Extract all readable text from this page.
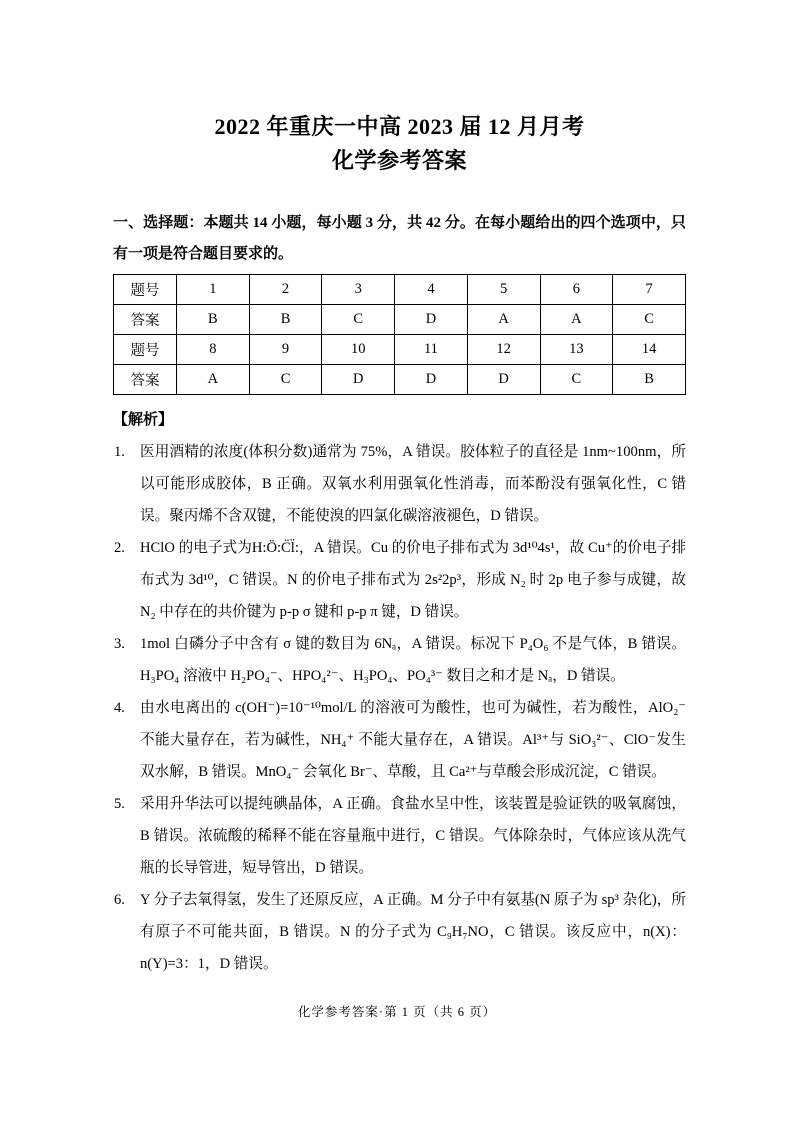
2022 年重庆一中高 2023 届 12 月月考
化学参考答案

一、选择题：本题共 14 小题，每小题 3 分，共 42 分。在每小题给出的四个选项中，只有一项是符合题目要求的。

题号	1	2	3	4	5	6	7
答案	B	B	C	D	A	A	C
题号	8	9	10	11	12	13	14
答案	A	C	D	D	D	C	B
【解析】
1. 医用酒精的浓度(体积分数)通常为 75%，A 错误。胶体粒子的直径是 1nm~100nm，所以可能形成胶体，B 正确。双氧水利用强氧化性消毒，而苯酚没有强氧化性，C 错误。聚丙烯不含双键，不能使溴的四氯化碳溶液褪色，D 错误。
2. HClO 的电子式为H:Ö:C̈l̈:，A 错误。Cu 的价电子排布式为 3d¹⁰4s¹，故 Cu⁺的价电子排布式为 3d¹⁰，C 错误。N 的价电子排布式为 2s²2p³，形成 N₂ 时 2p 电子参与成键，故 N₂ 中存在的共价键为 p-p σ 键和 p-p π 键，D 错误。
3. 1mol 白磷分子中含有 σ 键的数目为 6Nₐ，A 错误。标况下 P₄O₆ 不是气体，B 错误。H₃PO₄ 溶液中 H₂PO₄⁻、HPO₄²⁻、H₃PO₄、PO₄³⁻ 数目之和才是 Nₐ，D 错误。
4. 由水电离出的 c(OH⁻)=10⁻¹⁰mol/L 的溶液可为酸性，也可为碱性，若为酸性，AlO₂⁻ 不能大量存在，若为碱性，NH₄⁺ 不能大量存在，A 错误。Al³⁺与 SiO₃²⁻、ClO⁻发生双水解，B 错误。MnO₄⁻ 会氧化 Br⁻、草酸，且 Ca²⁺与草酸会形成沉淀，C 错误。
5. 采用升华法可以提纯碘晶体，A 正确。食盐水呈中性，该装置是验证铁的吸氧腐蚀，B 错误。浓硫酸的稀释不能在容量瓶中进行，C 错误。气体除杂时，气体应该从洗气瓶的长导管进，短导管出，D 错误。
6. Y 分子去氧得氢，发生了还原反应，A 正确。M 分子中有氨基(N 原子为 sp³ 杂化)，所有原子不可能共面，B 错误。N 的分子式为 C₉H₇NO，C 错误。该反应中，n(X)：n(Y)=3：1，D 错误。
化学参考答案·第 1 页（共 6 页）
